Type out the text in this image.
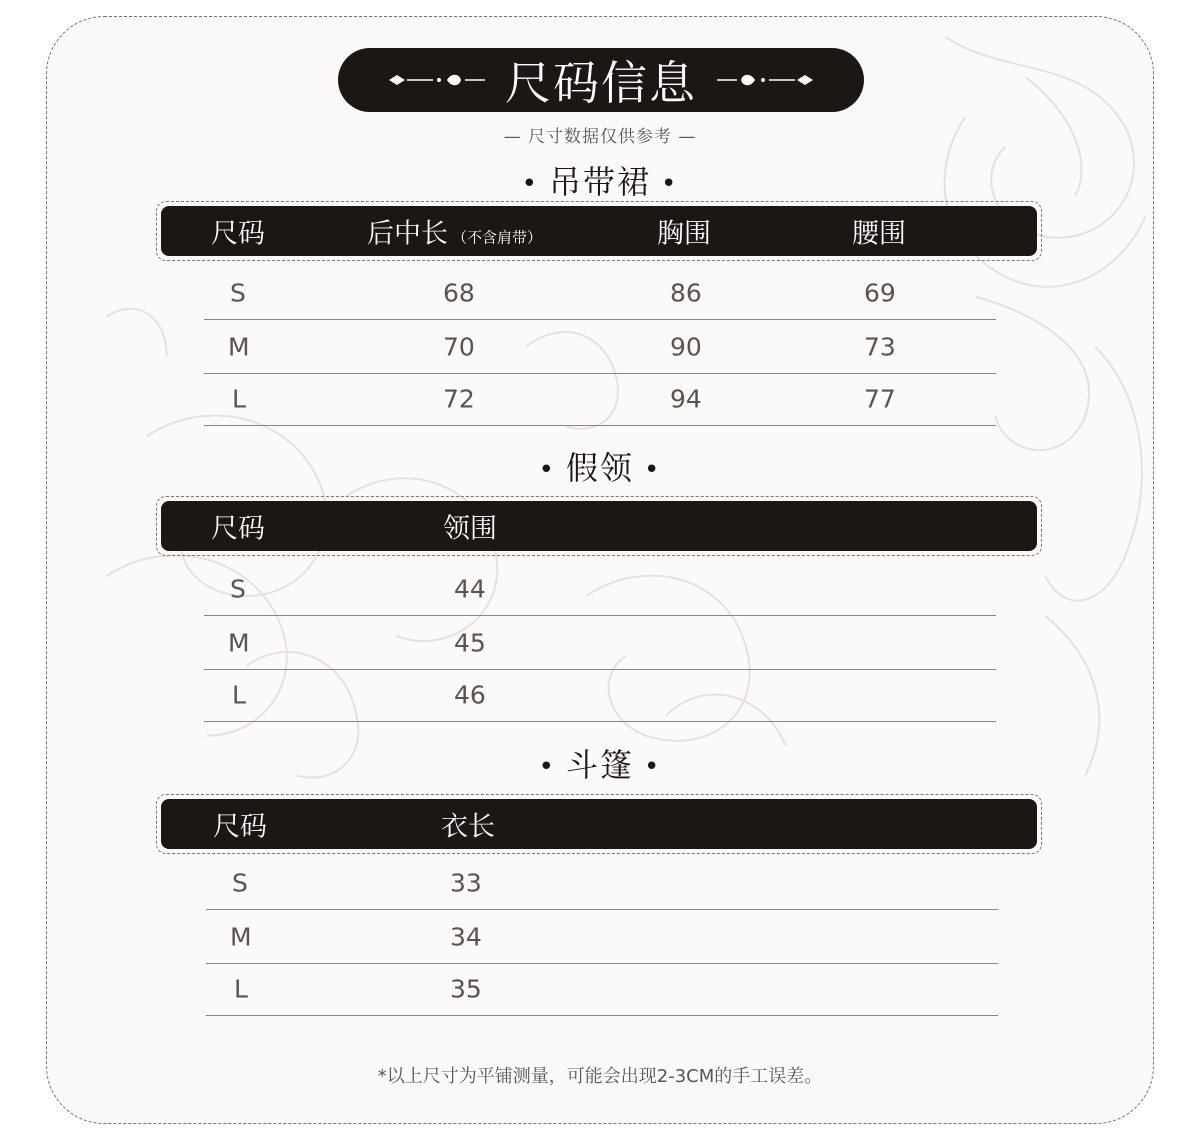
尺码信息
— 尺寸数据仅供参考 —
• 吊带裙 •
尺码	后中长 （不含肩带）	胸围	腰围
S	68	86	69
M	70	90	73
L	72	94	77
• 假领 •
尺码	领围
S	44
M	45
L	46
• 斗篷 •
尺码	衣长
S	33
M	34
L	35
*以上尺寸为平铺测量，可能会出现2-3CM的手工误差。
